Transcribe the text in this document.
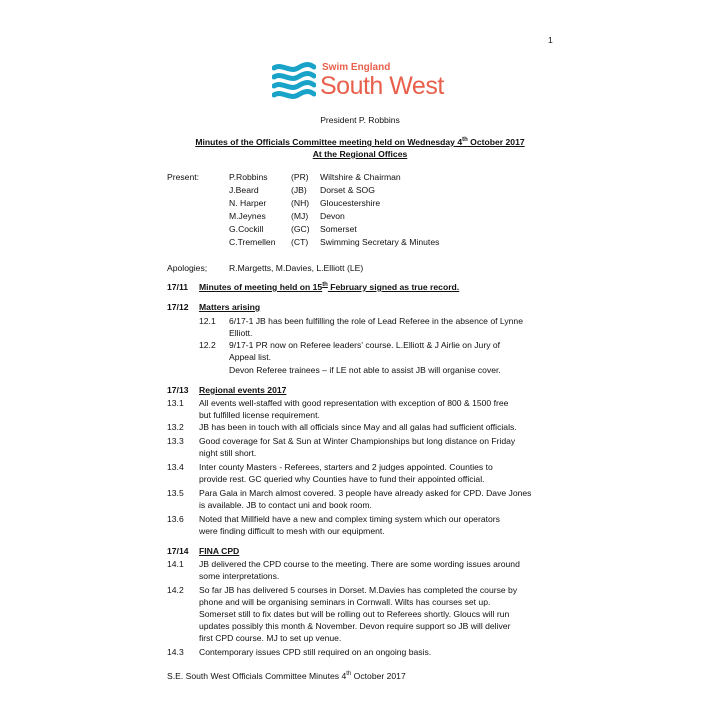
1
Swim England
South West
President P. Robbins
Minutes of the Officials Committee meeting held on Wednesday 4th October 2017
At the Regional Offices
Present:	P.Robbins	(PR) Wiltshire & Chairman
J.Beard	(JB) Dorset & SOG
N. Harper	(NH) Gloucestershire
M.Jeynes	(MJ) Devon
G.Cockill	(GC) Somerset
C.Tremellen (CT) Swimming Secretary & Minutes
Apologies;	R.Margetts, M.Davies, L.Elliott (LE)
17/11 Minutes of meeting held on 15th February signed as true record.
17/12 Matters arising
12.1 6/17-1 JB has been fulfilling the role of Lead Referee in the absence of Lynne
Elliott.
12.2 9/17-1 PR now on Referee leaders' course. L.Elliott & J Airlie on Jury of
Appeal list.
Devon Referee trainees – if LE not able to assist JB will organise cover.
17/13 Regional events 2017
13.1 All events well-staffed with good representation with exception of 800 & 1500 free
but fulfilled license requirement.
13.2 JB has been in touch with all officials since May and all galas had sufficient officials.
13.3 Good coverage for Sat & Sun at Winter Championships but long distance on Friday
night still short.
13.4 Inter county Masters - Referees, starters and 2 judges appointed. Counties to
provide rest. GC queried why Counties have to fund their appointed official.
13.5 Para Gala in March almost covered. 3 people have already asked for CPD. Dave Jones
is available. JB to contact uni and book room.
13.6 Noted that Millfield have a new and complex timing system which our operators
were finding difficult to mesh with our equipment.
17/14 FINA CPD
14.1 JB delivered the CPD course to the meeting. There are some wording issues around
some interpretations.
14.2 So far JB has delivered 5 courses in Dorset. M.Davies has completed the course by
phone and will be organising seminars in Cornwall. Wilts has courses set up.
Somerset still to fix dates but will be rolling out to Referees shortly. Gloucs will run
updates possibly this month & November. Devon require support so JB will deliver
first CPD course. MJ to set up venue.
14.3 Contemporary issues CPD still required on an ongoing basis.
S.E. South West Officials Committee Minutes 4th October 2017
